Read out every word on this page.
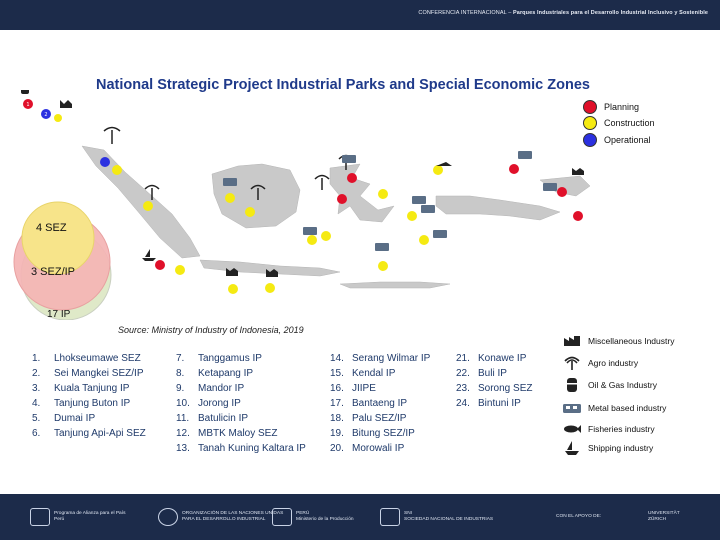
CONFERENCIA INTERNACIONAL – Parques Industriales para el Desarrollo Industrial Inclusivo y Sostenible
National Strategic Project Industrial Parks and Special Economic Zones
Planning
Construction
Operational
1
2
4 SEZ
3 SEZ/IP
17 IP
Source: Ministry of Industry of Indonesia, 2019
1.	Lhokseumawe SEZ
2.	Sei Mangkei SEZ/IP
3.	Kuala Tanjung IP
4.	Tanjung Buton IP
5.	Dumai IP
6.	Tanjung Api-Api SEZ
7.	Tanggamus IP
8.	Ketapang IP
9.	Mandor IP
10. Jorong IP
11. Batulicin IP
12. MBTK Maloy SEZ
13. Tanah Kuning Kaltara IP
14. Serang Wilmar IP
15. Kendal IP
16. JIIPE
17. Bantaeng IP
18. Palu SEZ/IP
19. Bitung SEZ/IP
20. Morowali IP
21. Konawe IP
22. Buli IP
23. Sorong SEZ
24. Bintuni IP
Miscellaneous Industry
Agro industry
Oil & Gas Industry
Metal based industry
Fisheries industry
Shipping industry
Programa de Alianza para el País
Perú
ORGANIZACIÓN DE LAS NACIONES UNIDAS
PARA EL DESARROLLO INDUSTRIAL
PERÚ
Ministerio de la Producción
SNI
SOCIEDAD NACIONAL DE INDUSTRIAS
CON EL APOYO DE:
UNIVERSITÄT
ZÜRICH
